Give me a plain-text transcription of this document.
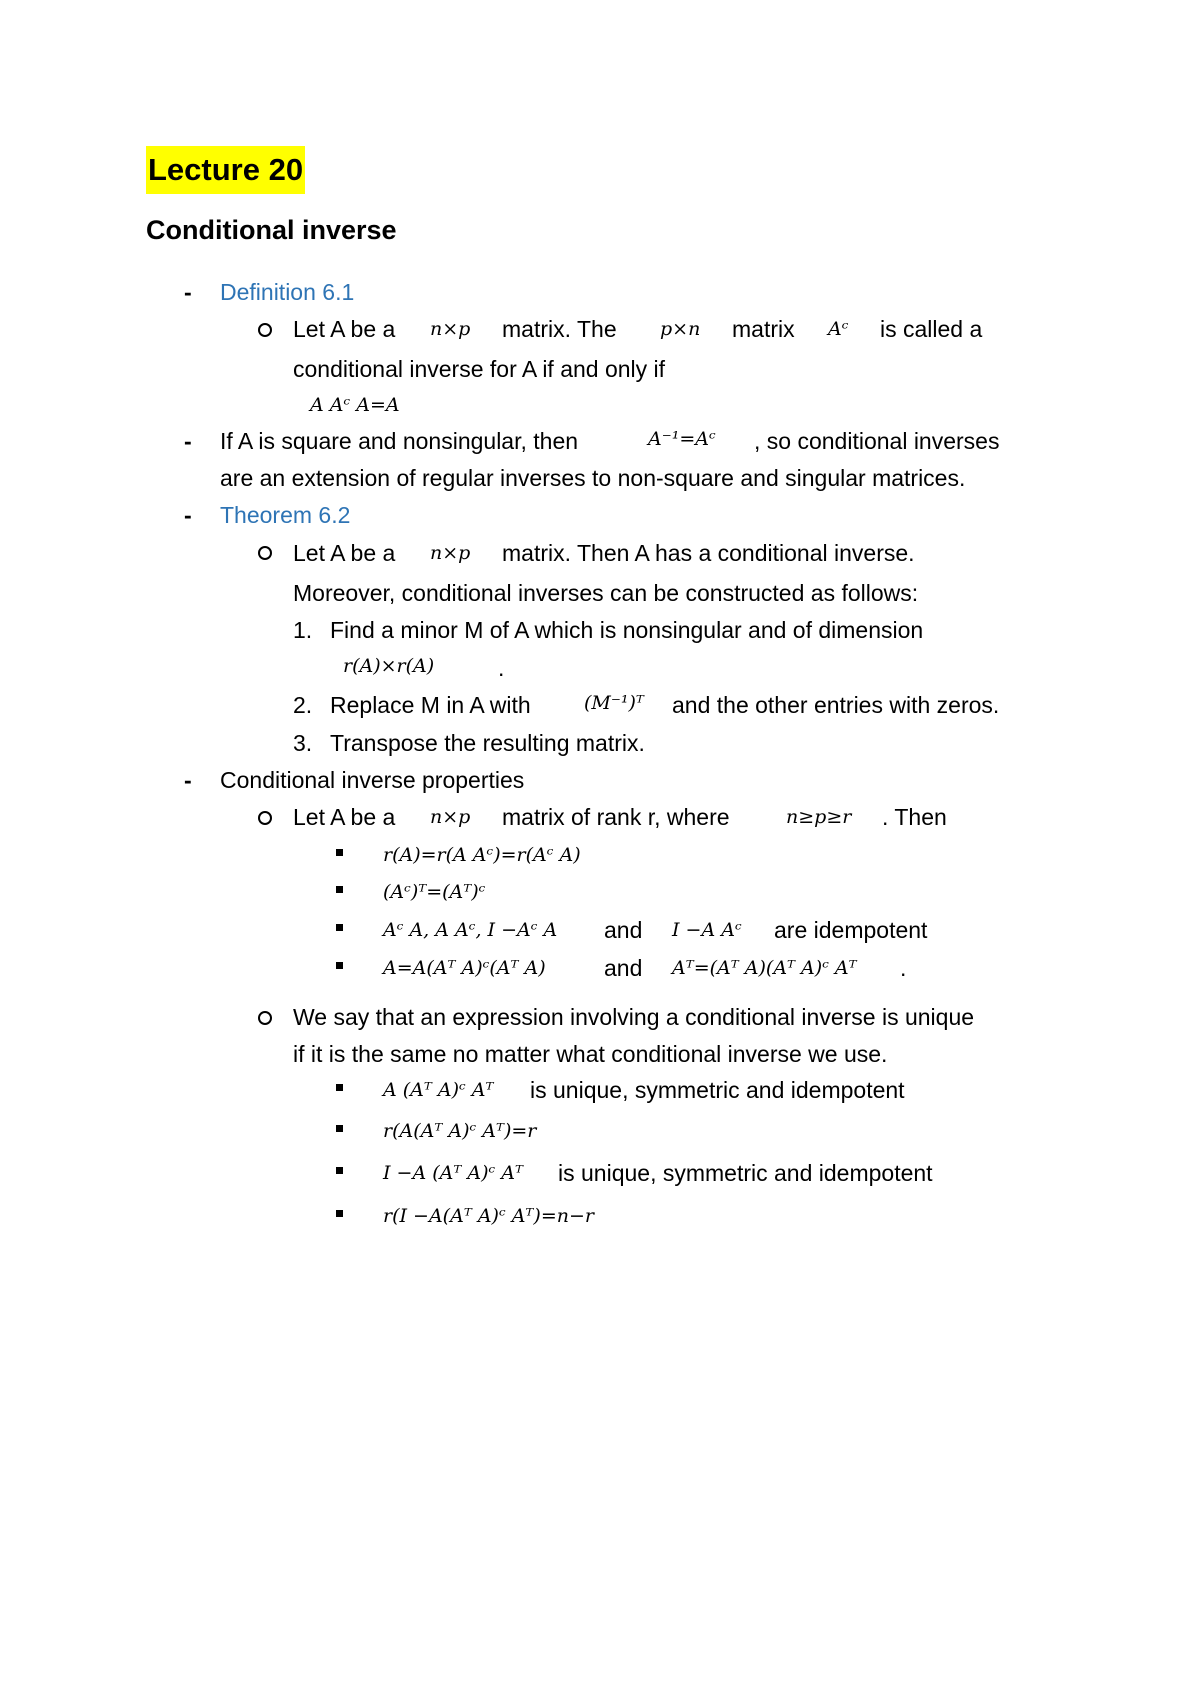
Lecture 20
Conditional inverse
- Definition 6.1
Let A be a n×p matrix. The p×n matrix Aᶜ is called a
conditional inverse for A if and only if
A Aᶜ A=A
- If A is square and nonsingular, then	A⁻¹=Aᶜ , so conditional inverses
are an extension of regular inverses to non-square and singular matrices.
- Theorem 6.2
Let A be a n×p matrix. Then A has a conditional inverse.
Moreover, conditional inverses can be constructed as follows:
1. Find a minor M of A which is nonsingular and of dimension
r(A)×r(A)	.
2. Replace M in A with	(M⁻¹)ᵀ and the other entries with zeros.
3. Transpose the resulting matrix.
- Conditional inverse properties
Let A be a n×p matrix of rank r, where	n≥p≥r . Then
r(A)=r(A Aᶜ)=r(Aᶜ A)
(Aᶜ)ᵀ=(Aᵀ)ᶜ
Aᶜ A, A Aᶜ, I −Aᶜ A and I −A Aᶜ are idempotent
A=A(Aᵀ A)ᶜ(Aᵀ A)	and Aᵀ=(Aᵀ A)(Aᵀ A)ᶜ Aᵀ .
We say that an expression involving a conditional inverse is unique
if it is the same no matter what conditional inverse we use.
A (Aᵀ A)ᶜ Aᵀ is unique, symmetric and idempotent
r(A(Aᵀ A)ᶜ Aᵀ)=r
I −A (Aᵀ A)ᶜ Aᵀ is unique, symmetric and idempotent
r(I −A(Aᵀ A)ᶜ Aᵀ)=n−r
